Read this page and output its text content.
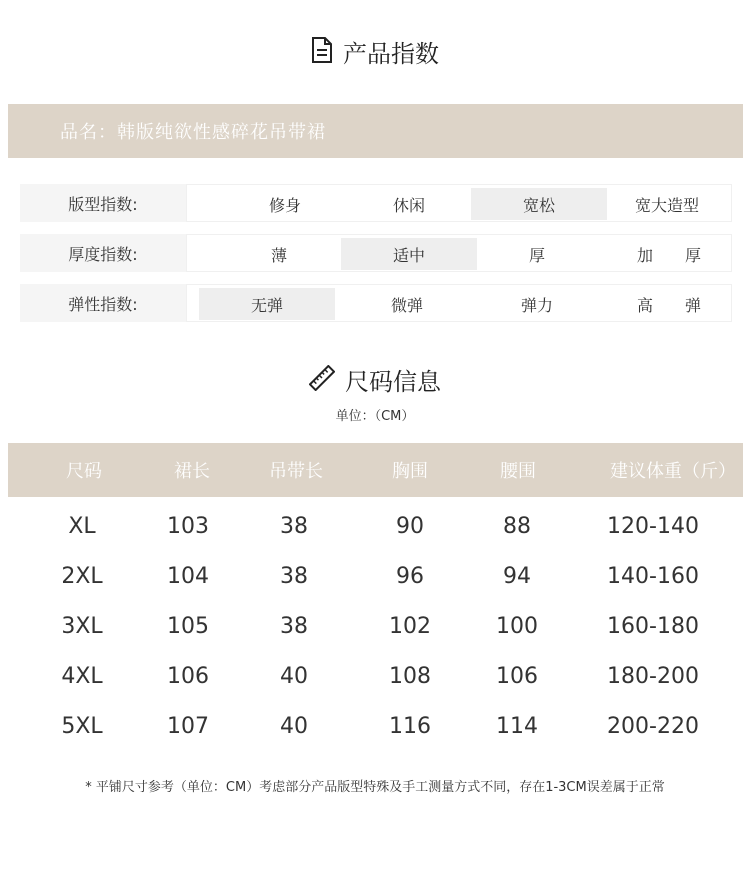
产品指数
品名：韩版纯欲性感碎花吊带裙
版型指数:	修身	休闲	宽松	宽大造型
厚度指数:	薄	适中	厚	加　　厚
弹性指数:	无弹	微弹	弹力	高　　弹
尺码信息
单位：（CM）
尺码	裙长	吊带长	胸围	腰围	建议体重（斤）
XL	103	38	90	88	120-140
2XL	104	38	96	94	140-160
3XL	105	38	102	100	160-180
4XL	106	40	108	106	180-200
5XL	107	40	116	114	200-220
* 平铺尺寸参考（单位：CM）考虑部分产品版型特殊及手工测量方式不同，存在1-3CM误差属于正常
